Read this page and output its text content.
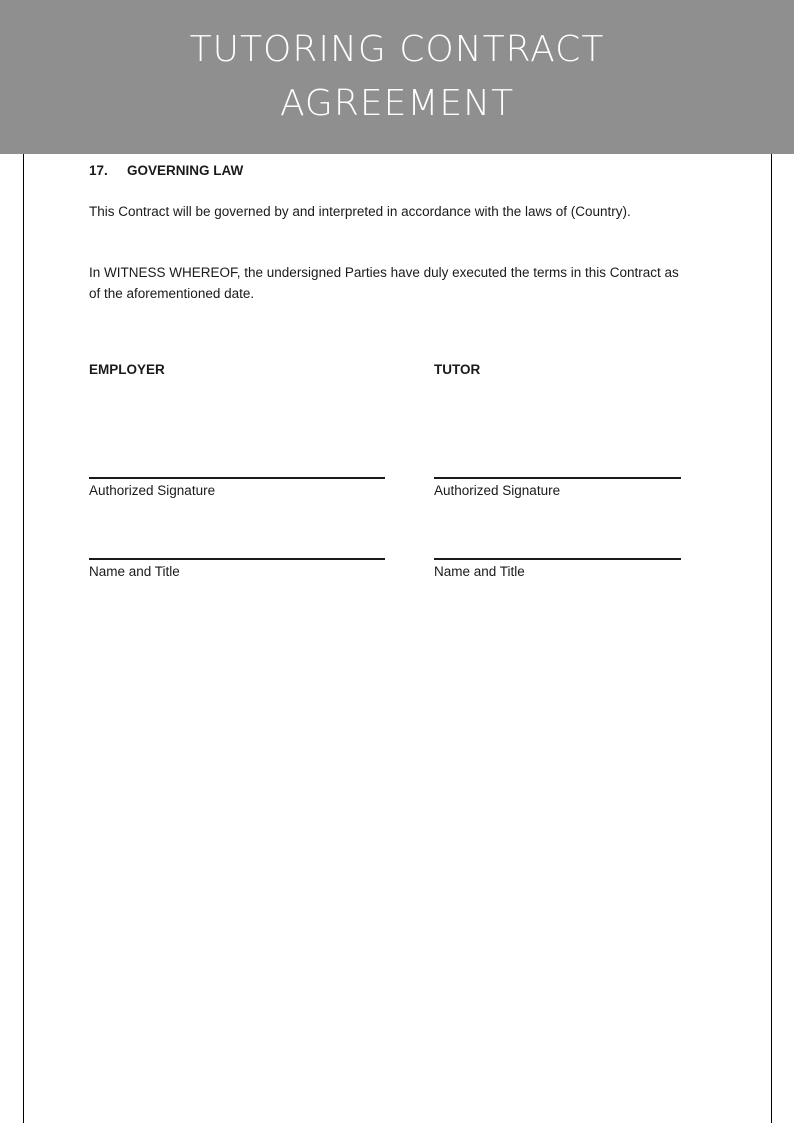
TUTORING CONTRACT
AGREEMENT
17. GOVERNING LAW
This Contract will be governed by and interpreted in accordance with the laws of (Country).
In WITNESS WHEREOF, the undersigned Parties have duly executed the terms in this Contract as of the aforementioned date.
EMPLOYER	TUTOR
Authorized Signature	Authorized Signature
Name and Title	Name and Title
